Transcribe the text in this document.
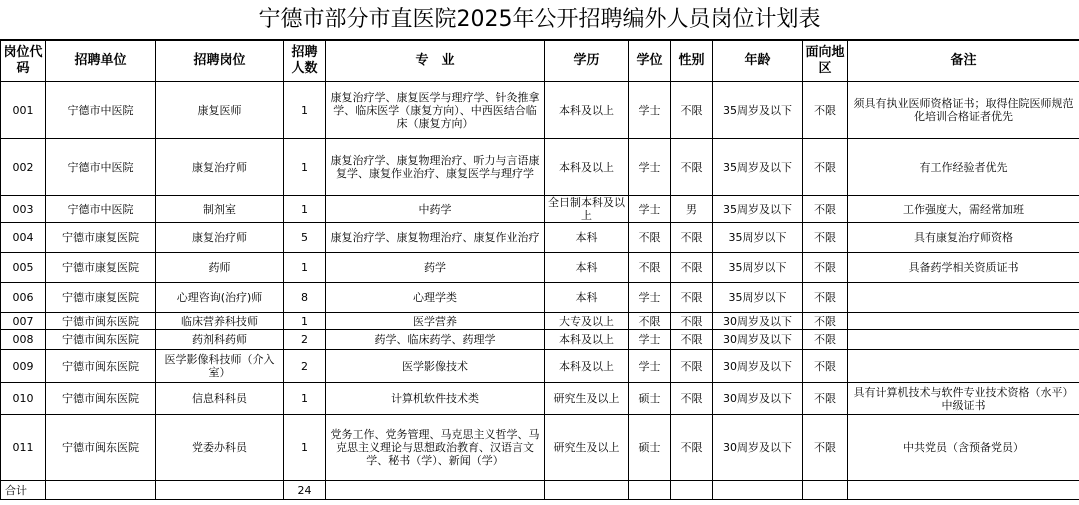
宁德市部分市直医院2025年公开招聘编外人员岗位计划表
岗位代码	招聘单位	招聘岗位	招聘人数	专　业	学历	学位	性别	年龄	面向地区	备注
001	宁德市中医院	康复医师	1	康复治疗学、康复医学与理疗学、针灸推拿学、临床医学（康复方向）、中西医结合临床（康复方向）	本科及以上	学士	不限	35周岁及以下	不限	须具有执业医师资格证书；取得住院医师规范化培训合格证者优先
002	宁德市中医院	康复治疗师	1	康复治疗学、康复物理治疗、听力与言语康复学、康复作业治疗、康复医学与理疗学	本科及以上	学士	不限	35周岁及以下	不限	有工作经验者优先
003	宁德市中医院	制剂室	1	中药学	全日制本科及以上	学士	男	35周岁及以下	不限	工作强度大，需经常加班
004	宁德市康复医院	康复治疗师	5	康复治疗学、康复物理治疗、康复作业治疗	本科	不限	不限	35周岁以下	不限	具有康复治疗师资格
005	宁德市康复医院	药师	1	药学	本科	不限	不限	35周岁以下	不限	具备药学相关资质证书
006	宁德市康复医院	心理咨询(治疗)师	8	心理学类	本科	学士	不限	35周岁以下	不限	
007	宁德市闽东医院	临床营养科技师	1	医学营养	大专及以上	不限	不限	30周岁及以下	不限	
008	宁德市闽东医院	药剂科药师	2	药学、临床药学、药理学	本科及以上	学士	不限	30周岁及以下	不限	
009	宁德市闽东医院	医学影像科技师（介入室）	2	医学影像技术	本科及以上	学士	不限	30周岁及以下	不限	
010	宁德市闽东医院	信息科科员	1	计算机软件技术类	研究生及以上	硕士	不限	30周岁及以下	不限	具有计算机技术与软件专业技术资格（水平）中级证书
011	宁德市闽东医院	党委办科员	1	党务工作、党务管理、马克思主义哲学、马克思主义理论与思想政治教育、汉语言文学、秘书（学）、新闻（学）	研究生及以上	硕士	不限	30周岁及以下	不限	中共党员（含预备党员）
合计			24							
